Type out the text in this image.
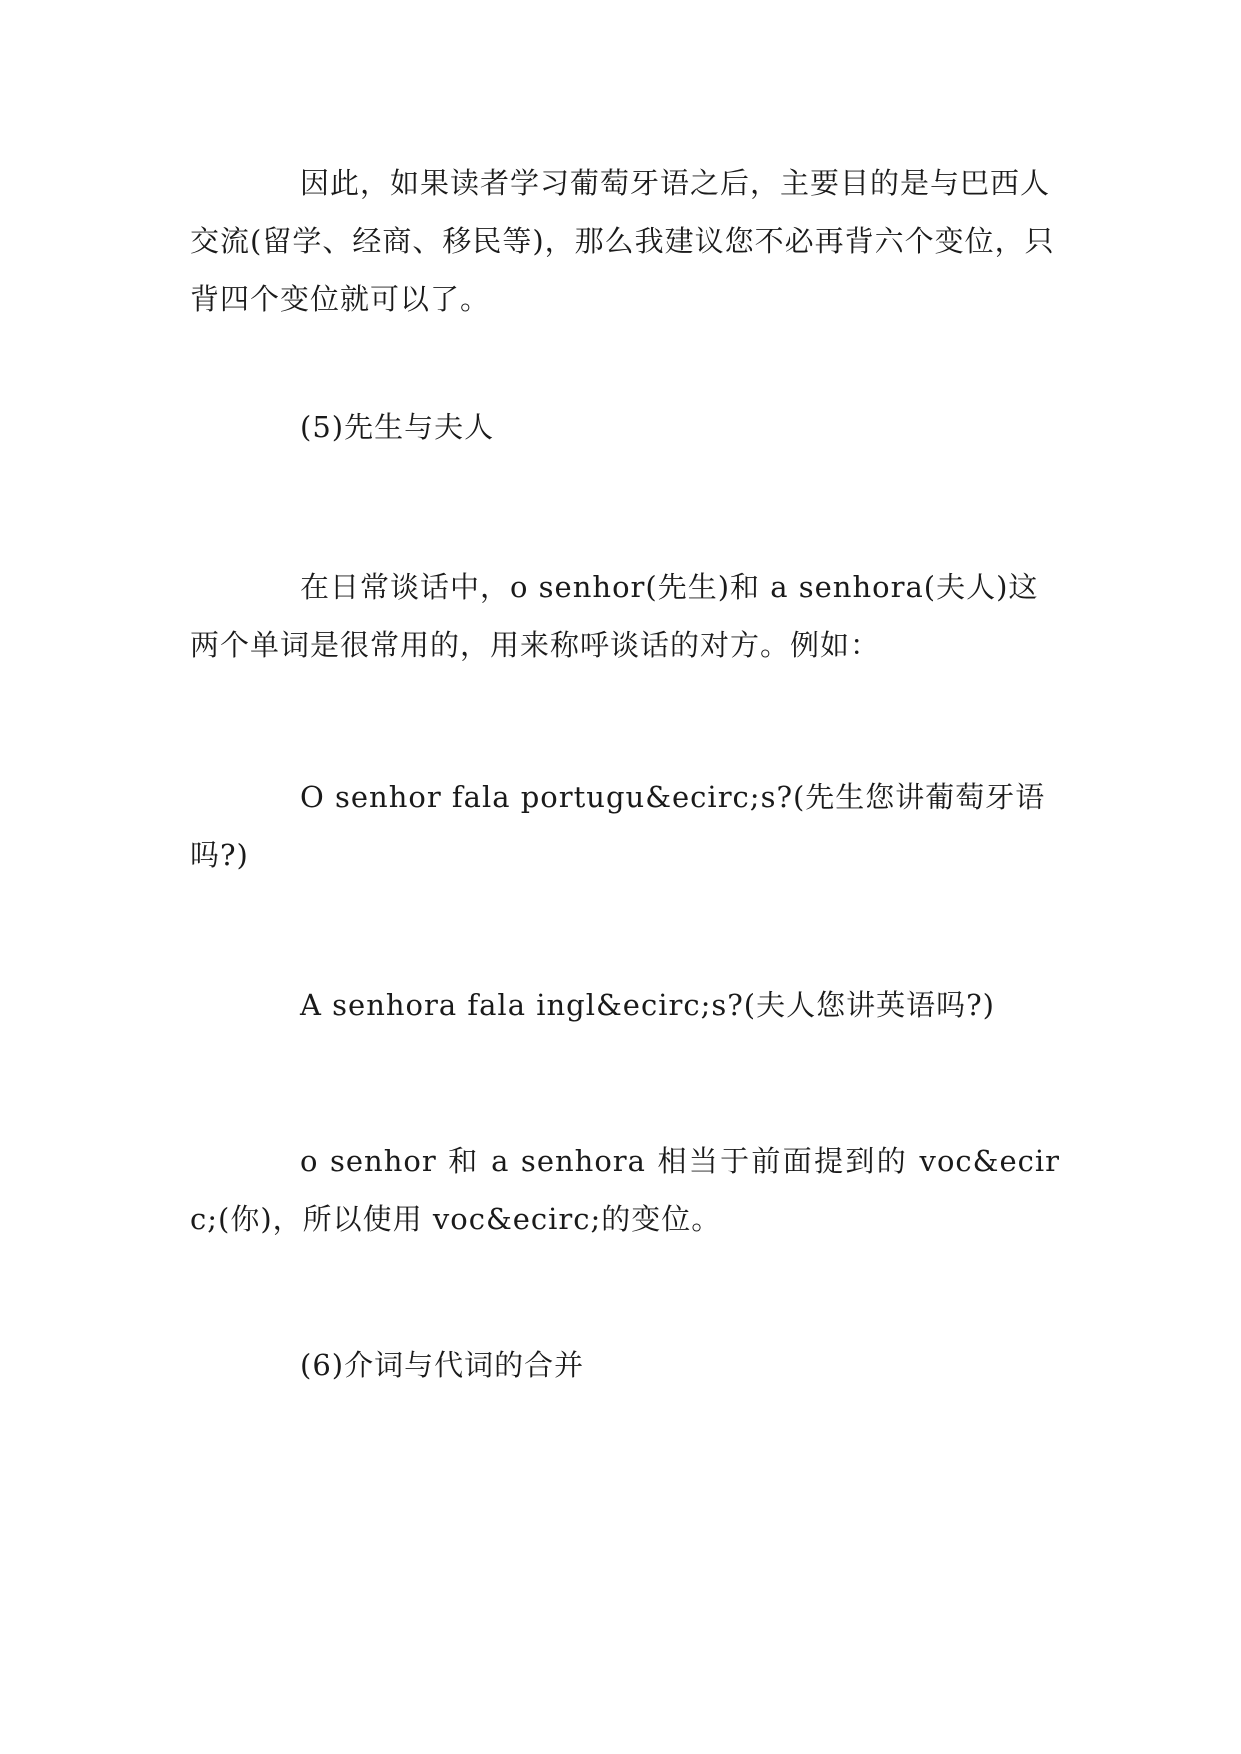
因此，如果读者学习葡萄牙语之后，主要目的是与巴西人交流(留学、经商、移民等)，那么我建议您不必再背六个变位，只背四个变位就可以了。

(5)先生与夫人

在日常谈话中，o senhor(先生)和 a senhora(夫人)这两个单词是很常用的，用来称呼谈话的对方。例如：

O senhor fala portugu&ecirc;s?(先生您讲葡萄牙语吗?)

A senhora fala ingl&ecirc;s?(夫人您讲英语吗?)

o senhor 和 a senhora 相当于前面提到的 voc&ecirc;(你)，所以使用 voc&ecirc;的变位。

(6)介词与代词的合并
